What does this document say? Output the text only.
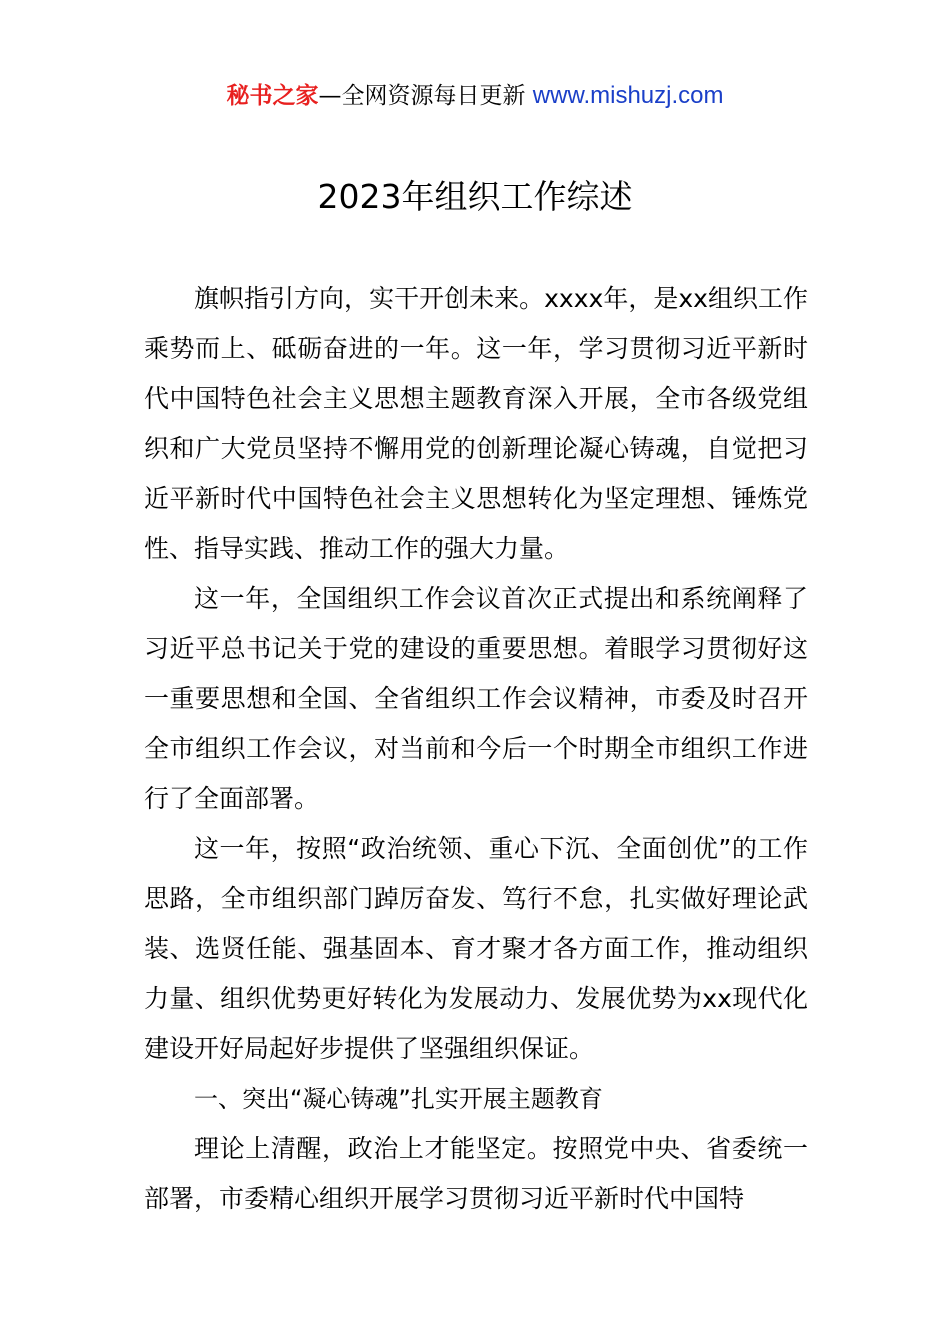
秘书之家—全网资源每日更新 www.mishuzj.com
2023年组织工作综述

旗帜指引方向，实干开创未来。xxxx年，是xx组织工作乘势而上、砥砺奋进的一年。这一年，学习贯彻习近平新时代中国特色社会主义思想主题教育深入开展，全市各级党组织和广大党员坚持不懈用党的创新理论凝心铸魂，自觉把习近平新时代中国特色社会主义思想转化为坚定理想、锤炼党性、指导实践、推动工作的强大力量。

这一年，全国组织工作会议首次正式提出和系统阐释了习近平总书记关于党的建设的重要思想。着眼学习贯彻好这一重要思想和全国、全省组织工作会议精神，市委及时召开全市组织工作会议，对当前和今后一个时期全市组织工作进行了全面部署。

这一年，按照“政治统领、重心下沉、全面创优”的工作思路，全市组织部门踔厉奋发、笃行不怠，扎实做好理论武装、选贤任能、强基固本、育才聚才各方面工作，推动组织力量、组织优势更好转化为发展动力、发展优势为xx现代化建设开好局起好步提供了坚强组织保证。

一、突出“凝心铸魂”扎实开展主题教育

理论上清醒，政治上才能坚定。按照党中央、省委统一部署，市委精心组织开展学习贯彻习近平新时代中国特
